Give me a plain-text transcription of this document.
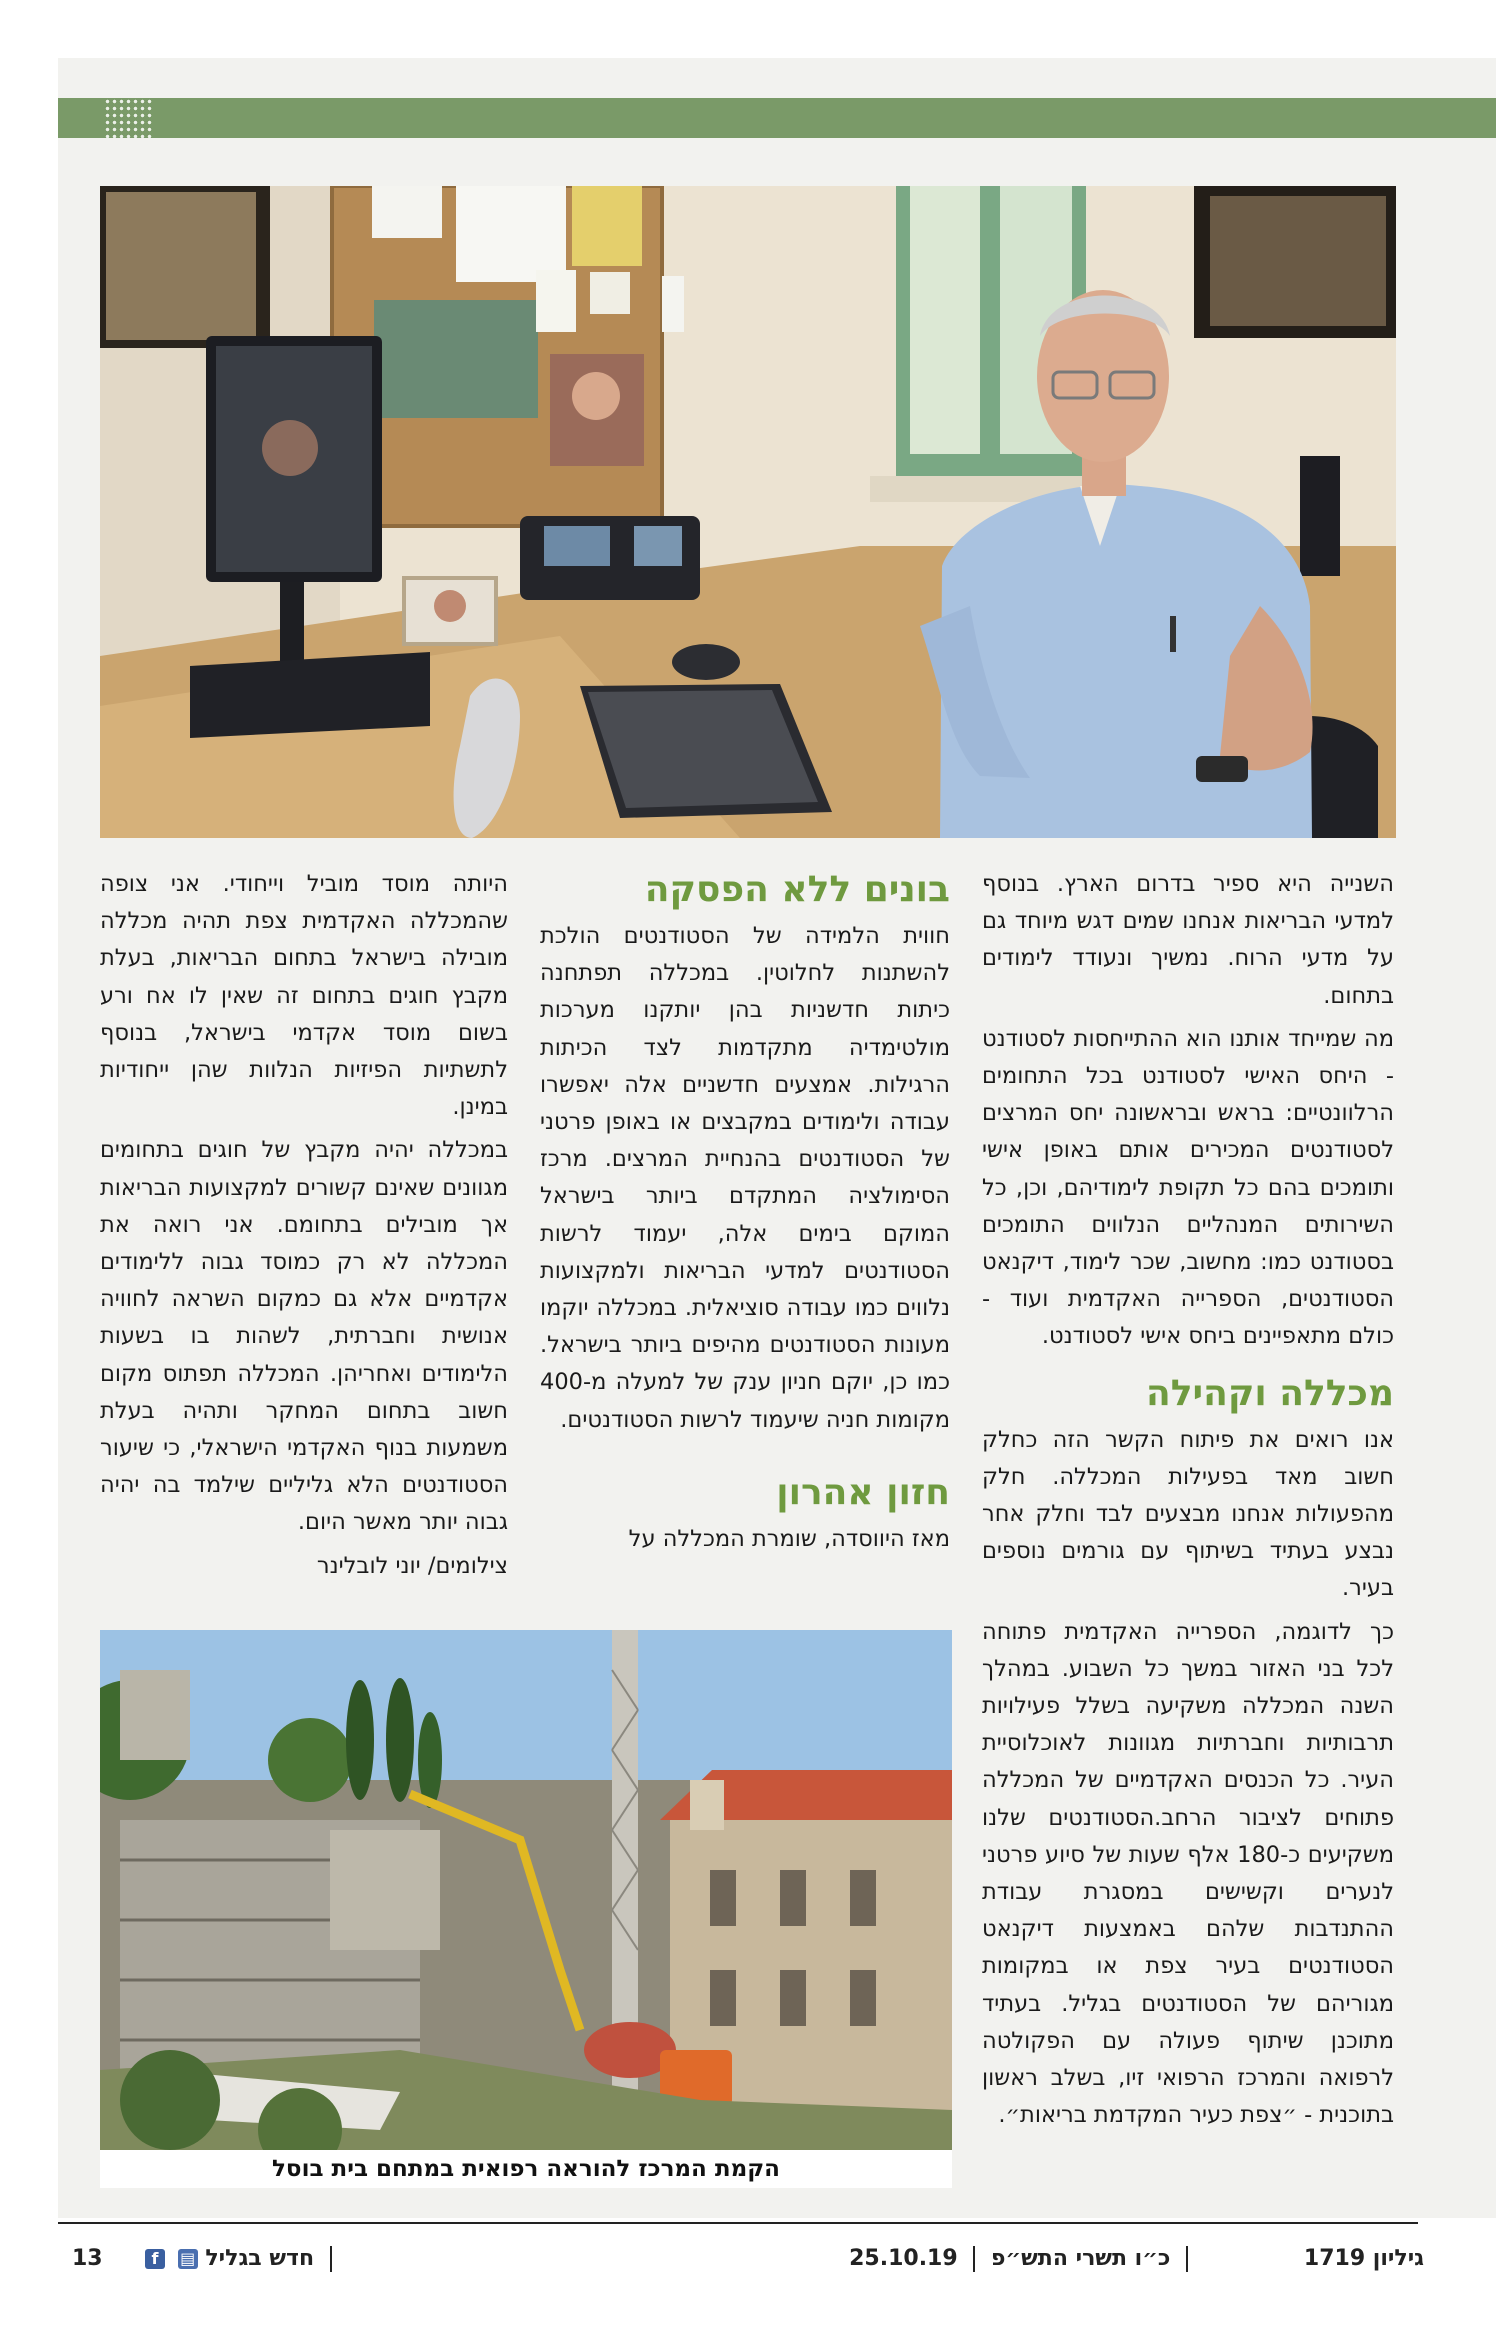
השנייה היא ספיר בדרום הארץ. בנוסף למדעי הבריאות אנחנו שמים דגש מיוחד גם על מדעי הרוח. נמשיך ונעודד לימודים בתחום.

מה שמייחד אותנו הוא ההתייחסות לסטודנט - היחס האישי לסטודנט בכל התחומים הרלוונטיים: בראש ובראשונה יחס המרצים לסטודנטים המכירים אותם באופן אישי ותומכים בהם כל תקופת לימודיהם, וכן, כל השירותים המנהליים הנלווים התומכים בסטודנט כמו: מחשוב, שכר לימוד, דיקנאט הסטודנטים, הספרייה האקדמית ועוד - כולם מתאפיינים ביחס אישי לסטודנט.

מכללה וקהילה

אנו רואים את פיתוח הקשר הזה כחלק חשוב מאד בפעילות המכללה. חלק מהפעולות אנחנו מבצעים לבד וחלק אחר נבצע בעתיד בשיתוף עם גורמים נוספים בעיר.

כך לדוגמה, הספרייה האקדמית פתוחה לכל בני האזור במשך כל השבוע. במהלך השנה המכללה משקיעה בשלל פעילויות תרבותיות וחברתיות מגוונות לאוכלוסיית העיר. כל הכנסים האקדמיים של המכללה פתוחים לציבור הרחב.הסטודנטים שלנו משקיעים כ-180 אלף שעות של סיוע פרטני לנערים וקשישים במסגרת עבודת ההתנדבות שלהם באמצעות דיקנאט הסטודנטים בעיר צפת או במקומות מגוריהם של הסטודנטים בגליל. בעתיד מתוכנן שיתוף פעולה עם הפקולטה לרפואה והמרכז הרפואי זיו, בשלב ראשון בתוכנית - ״צפת כעיר המקדמת בריאות״.

בונים ללא הפסקה

חווית הלמידה של הסטודנטים הולכת להשתנות לחלוטין. במכללה תפתחנה כיתות חדשניות בהן יותקנו מערכות מולטימדיה מתקדמות לצד הכיתות הרגילות. אמצעים חדשניים אלה יאפשרו עבודה ולימודים במקבצים או באופן פרטני של הסטודנטים בהנחיית המרצים. מרכז הסימולציה המתקדם ביותר בישראל המוקם בימים אלה, יעמוד לרשות הסטודנטים למדעי הבריאות ולמקצועות נלווים כמו עבודה סוציאלית. במכללה יוקמו מעונות הסטודנטים מהיפים ביותר בישראל. כמו כן, יוקם חניון ענק של למעלה מ-400 מקומות חניה שיעמוד לרשות הסטודנטים.

חזון אהרון

מאז היווסדה, שומרת המכללה על

היותה מוסד מוביל וייחודי. אני צופה שהמכללה האקדמית צפת תהיה מכללה מובילה בישראל בתחום הבריאות, בעלת מקבץ חוגים בתחום זה שאין לו אח ורע בשום מוסד אקדמי בישראל, בנוסף לתשתיות הפיזיות הנלוות שהן ייחודיות במינן.

במכללה יהיה מקבץ של חוגים בתחומים מגוונים שאינם קשורים למקצועות הבריאות אך מובילים בתחומם. אני רואה את המכללה לא רק כמוסד גבוה ללימודים אקדמיים אלא גם כמקום השראה לחוויה אנושית וחברתית, לשהות בו בשעות הלימודים ואחריהן. המכללה תפתוס מקום חשוב בתחום המחקר ותהיה בעלת משמעות בנוף האקדמי הישראלי, כי שיעור הסטודנטים הלא גליליים שילמד בה יהיה גבוה יותר מאשר היום.

צילומים/ יוני לובלינר

הקמת המרכז להוראה רפואית במתחם בית בוסל
13	חדש בגליל ▤ f	גיליון 1719
כ״ו תשרי התש״פ  25.10.19
